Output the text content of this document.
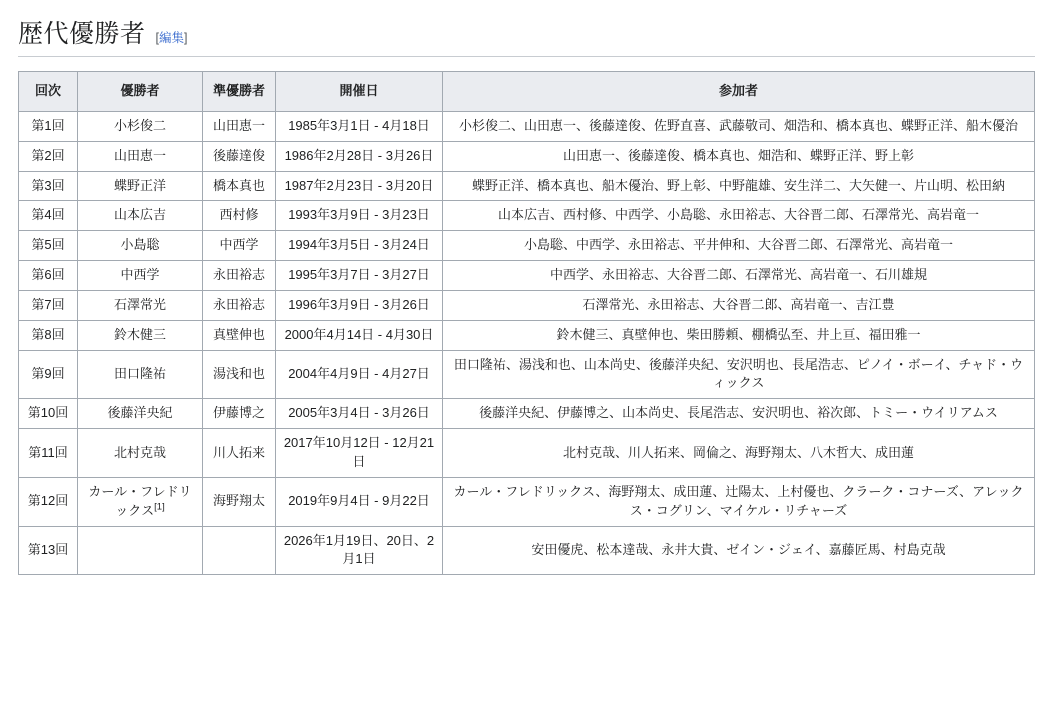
歴代優勝者 [編集]
回次	優勝者	準優勝者	開催日	参加者
第1回	小杉俊二	山田恵一	1985年3月1日 - 4月18日	小杉俊二、山田恵一、後藤達俊、佐野直喜、武藤敬司、畑浩和、橋本真也、蝶野正洋、船木優治
第2回	山田恵一	後藤達俊	1986年2月28日 - 3月26日	山田恵一、後藤達俊、橋本真也、畑浩和、蝶野正洋、野上彰
第3回	蝶野正洋	橋本真也	1987年2月23日 - 3月20日	蝶野正洋、橋本真也、船木優治、野上彰、中野龍雄、安生洋二、大矢健一、片山明、松田納
第4回	山本広吉	西村修	1993年3月9日 - 3月23日	山本広吉、西村修、中西学、小島聡、永田裕志、大谷晋二郎、石澤常光、高岩竜一
第5回	小島聡	中西学	1994年3月5日 - 3月24日	小島聡、中西学、永田裕志、平井伸和、大谷晋二郎、石澤常光、高岩竜一
第6回	中西学	永田裕志	1995年3月7日 - 3月27日	中西学、永田裕志、大谷晋二郎、石澤常光、高岩竜一、石川雄規
第7回	石澤常光	永田裕志	1996年3月9日 - 3月26日	石澤常光、永田裕志、大谷晋二郎、高岩竜一、吉江豊
第8回	鈴木健三	真壁伸也	2000年4月14日 - 4月30日	鈴木健三、真壁伸也、柴田勝頼、棚橋弘至、井上亘、福田雅一
第9回	田口隆祐	湯浅和也	2004年4月9日 - 4月27日	田口隆祐、湯浅和也、山本尚史、後藤洋央紀、安沢明也、長尾浩志、ピノイ・ボーイ、チャド・ウィックス
第10回	後藤洋央紀	伊藤博之	2005年3月4日 - 3月26日	後藤洋央紀、伊藤博之、山本尚史、長尾浩志、安沢明也、裕次郎、トミー・ウイリアムス
第11回	北村克哉	川人拓来	2017年10月12日 - 12月21日	北村克哉、川人拓来、岡倫之、海野翔太、八木哲大、成田蓮
第12回	カール・フレドリックス[1]	海野翔太	2019年9月4日 - 9月22日	カール・フレドリックス、海野翔太、成田蓮、辻陽太、上村優也、クラーク・コナーズ、アレックス・コグリン、マイケル・リチャーズ
第13回			2026年1月19日、20日、2月1日	安田優虎、松本達哉、永井大貴、ゼイン・ジェイ、嘉藤匠馬、村島克哉
